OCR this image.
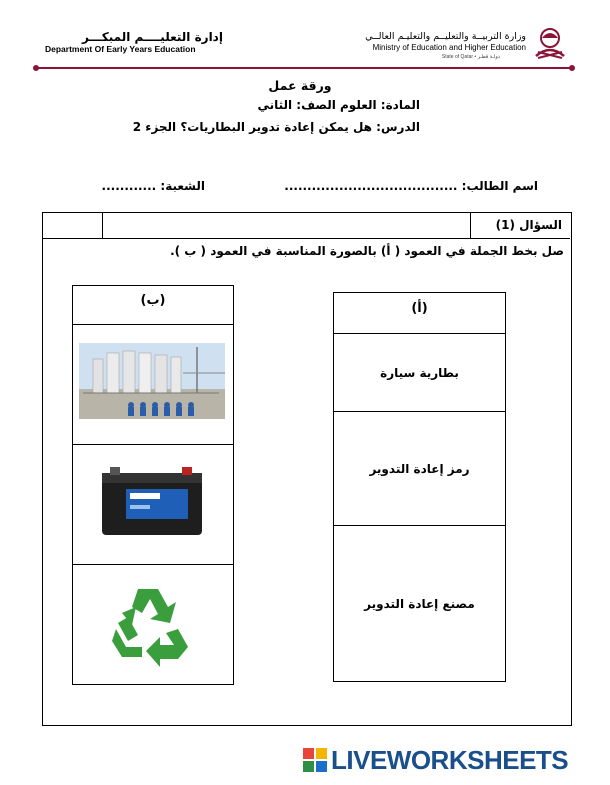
إدارة التعليــــم المبكـــر
Department Of Early Years Education
وزارة التربيــة والتعليــم والتعليـم العالــي
Ministry of Education and Higher Education
State of Qatar • دولـة قطـر
ورقة عمل
المادة: العلوم الصف: الثاني
الدرس: هل يمكن إعادة تدوير البطاريات؟ الجزء 2
اسم الطالب: ......................................
الشعبة: ............
السؤال (1)
صل بخط الجملة في العمود ( أ) بالصورة المناسبة في العمود ( ب ).
(ب)
(أ)
بطارية سيارة
رمز إعادة التدوير
مصنع إعادة التدوير
LIVEWORKSHEETS
